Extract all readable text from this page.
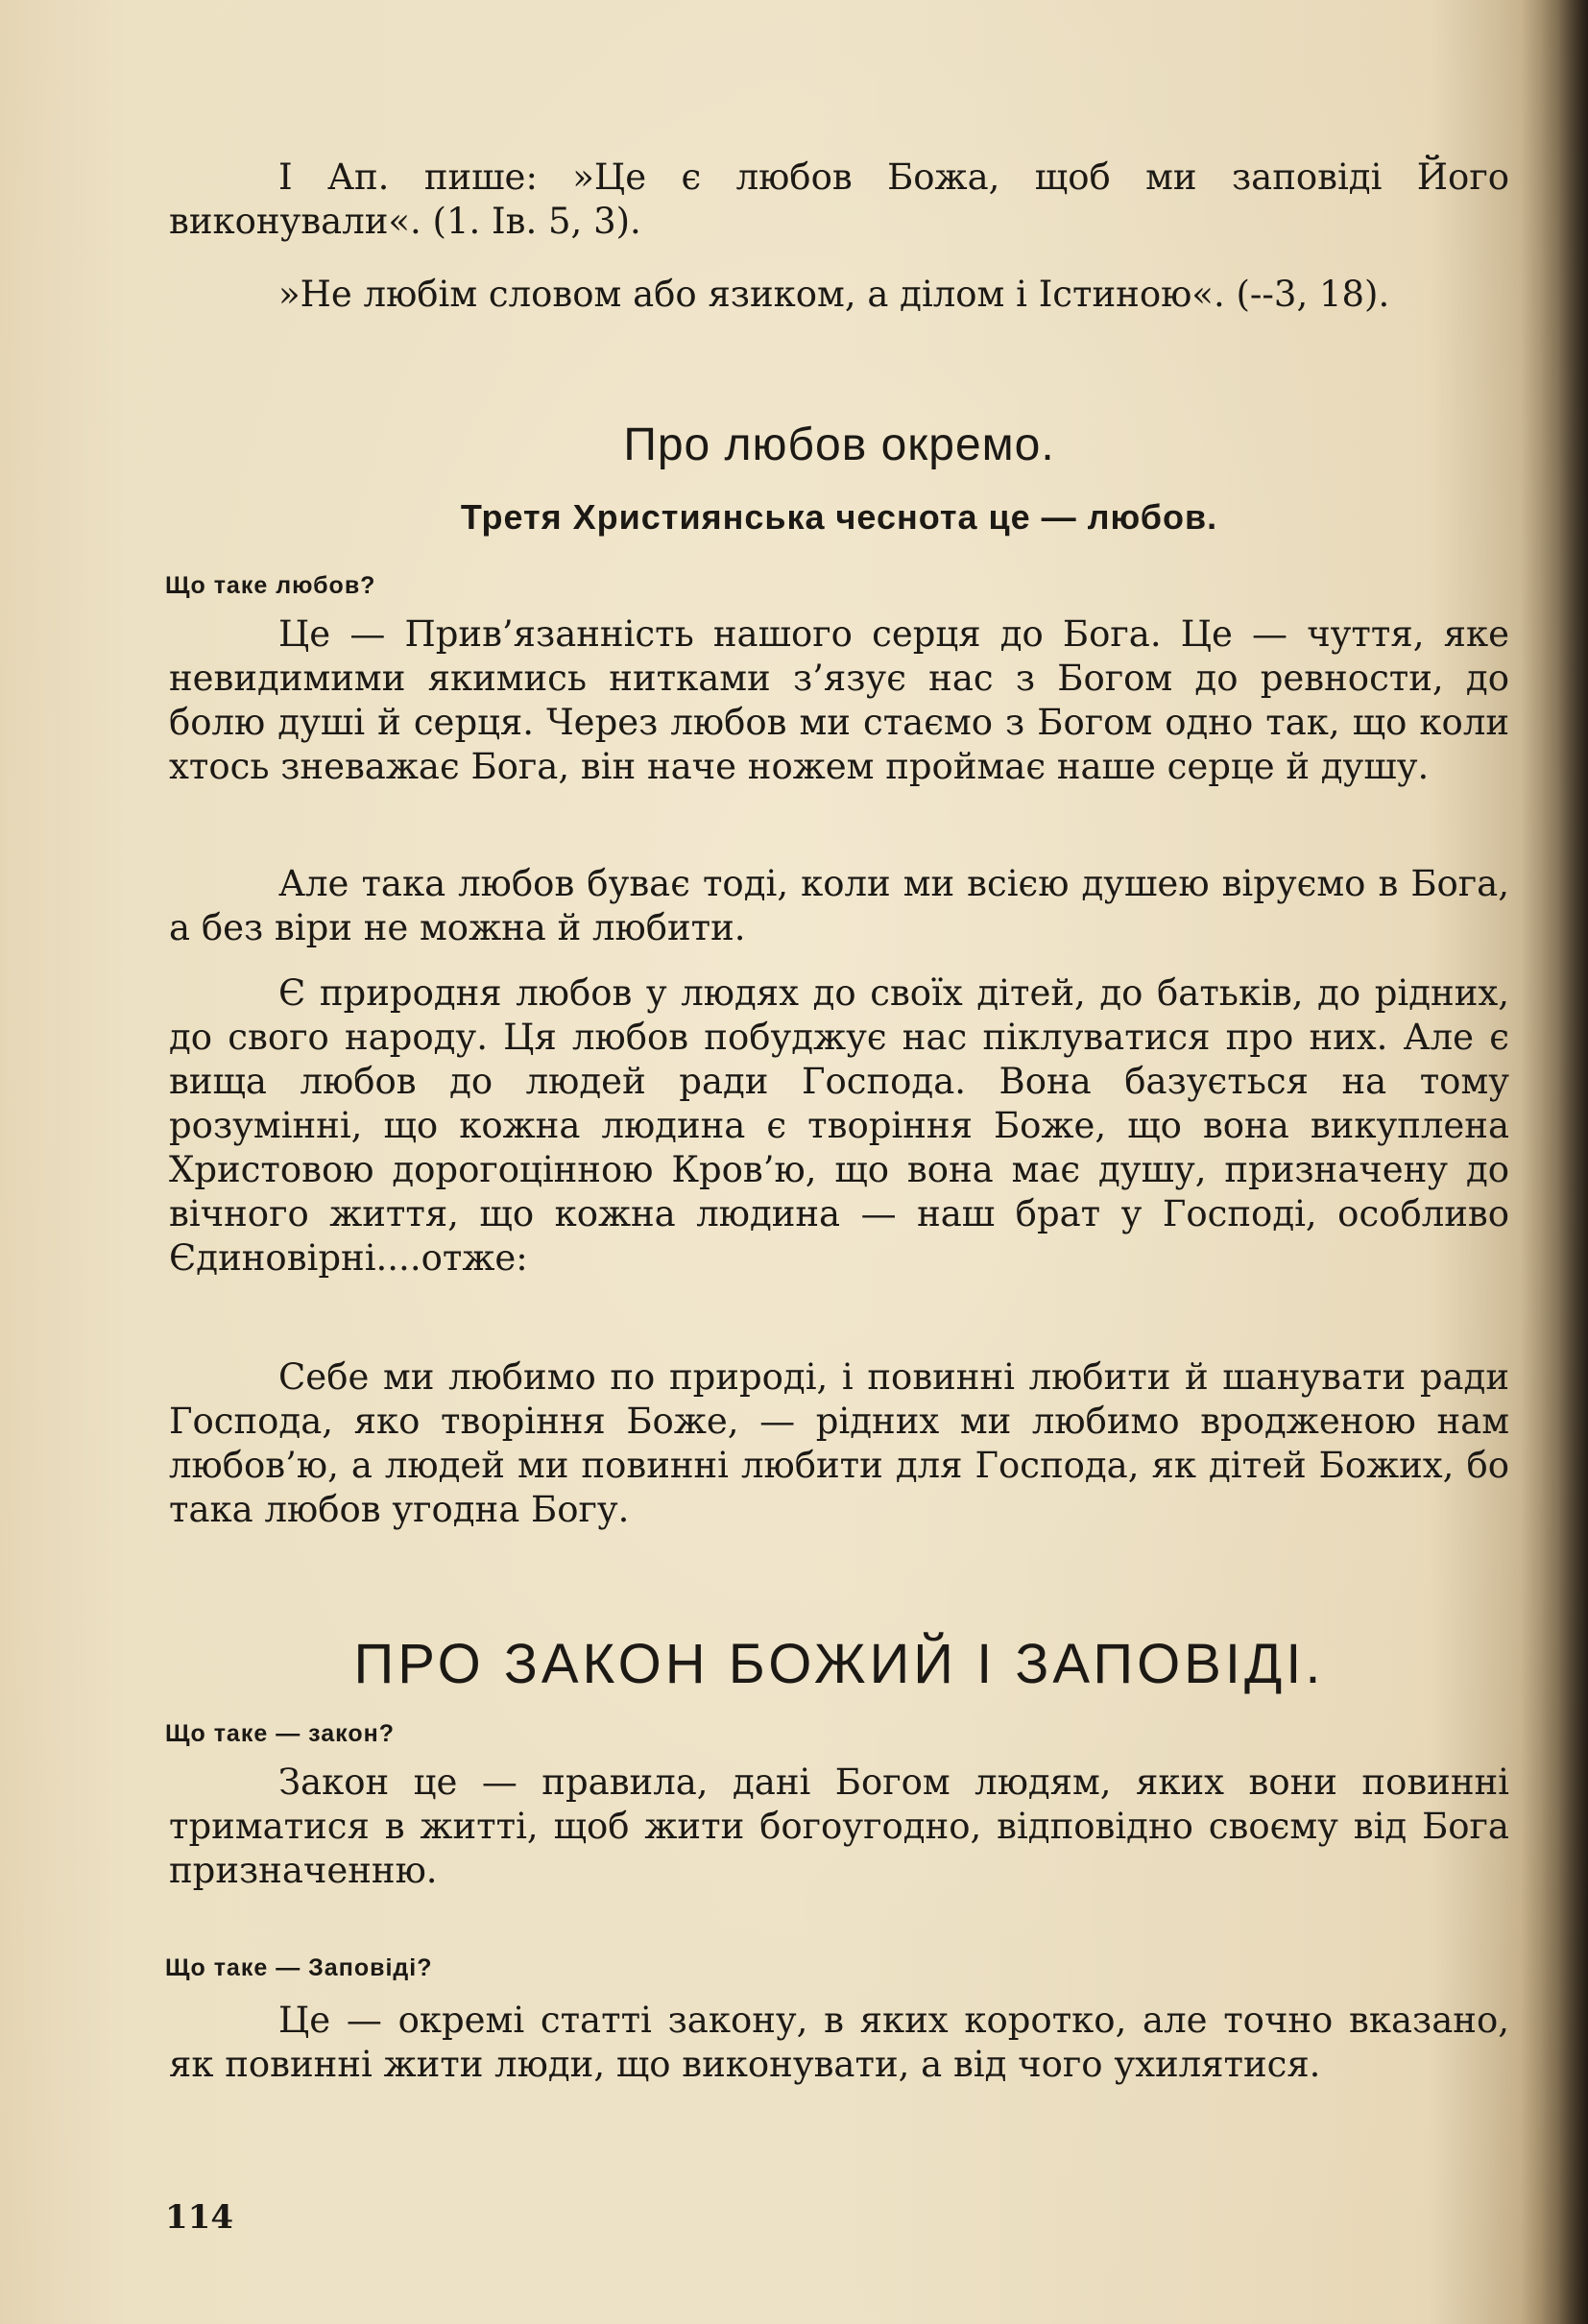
І Ап. пише: »Це є любов Божа, щоб ми заповіді Його виконували«. (1. Ів. 5, 3).

»Не любім словом або язиком, а ділом і Істиною«. (--3, 18).

Про любов окремо.
Третя Християнська чеснота це — любов.
Що таке любов?

Це — Прив’язанність нашого серця до Бога. Це — чуття, яке невидимими якимись нитками з’язує нас з Богом до ревности, до болю душі й серця. Через любов ми стаємо з Богом одно так, що коли хтось зневажає Бога, він наче ножем проймає наше серце й душу.

Але така любов буває тоді, коли ми всією душею віруємо в Бога, а без віри не можна й любити.

Є природня любов у людях до своїх дітей, до батьків, до рідних, до свого народу. Ця любов побуджує нас піклуватися про них. Але є вища любов до людей ради Господа. Вона базується на тому розумінні, що кожна людина є творіння Боже, що вона викуплена Христовою дорогоцінною Кров’ю, що вона має душу, призначену до вічного життя, що кожна людина — наш брат у Господі, особливо Єдиновірні....отже:

Себе ми любимо по природі, і повинні любити й шанувати ради Господа, яко творіння Боже, — рідних ми любимо вродженою нам любов’ю, а людей ми повинні любити для Господа, як дітей Божих, бо така любов угодна Богу.

ПРО ЗАКОН БОЖИЙ І ЗАПОВІДІ.
Що таке — закон?

Закон це — правила, дані Богом людям, яких вони повинні триматися в житті, щоб жити богоугодно, відповідно своєму від Бога призначенню.

Що таке — Заповіді?

Це — окремі статті закону, в яких коротко, але точно вказано, як повинні жити люди, що виконувати, а від чого ухилятися.

114
